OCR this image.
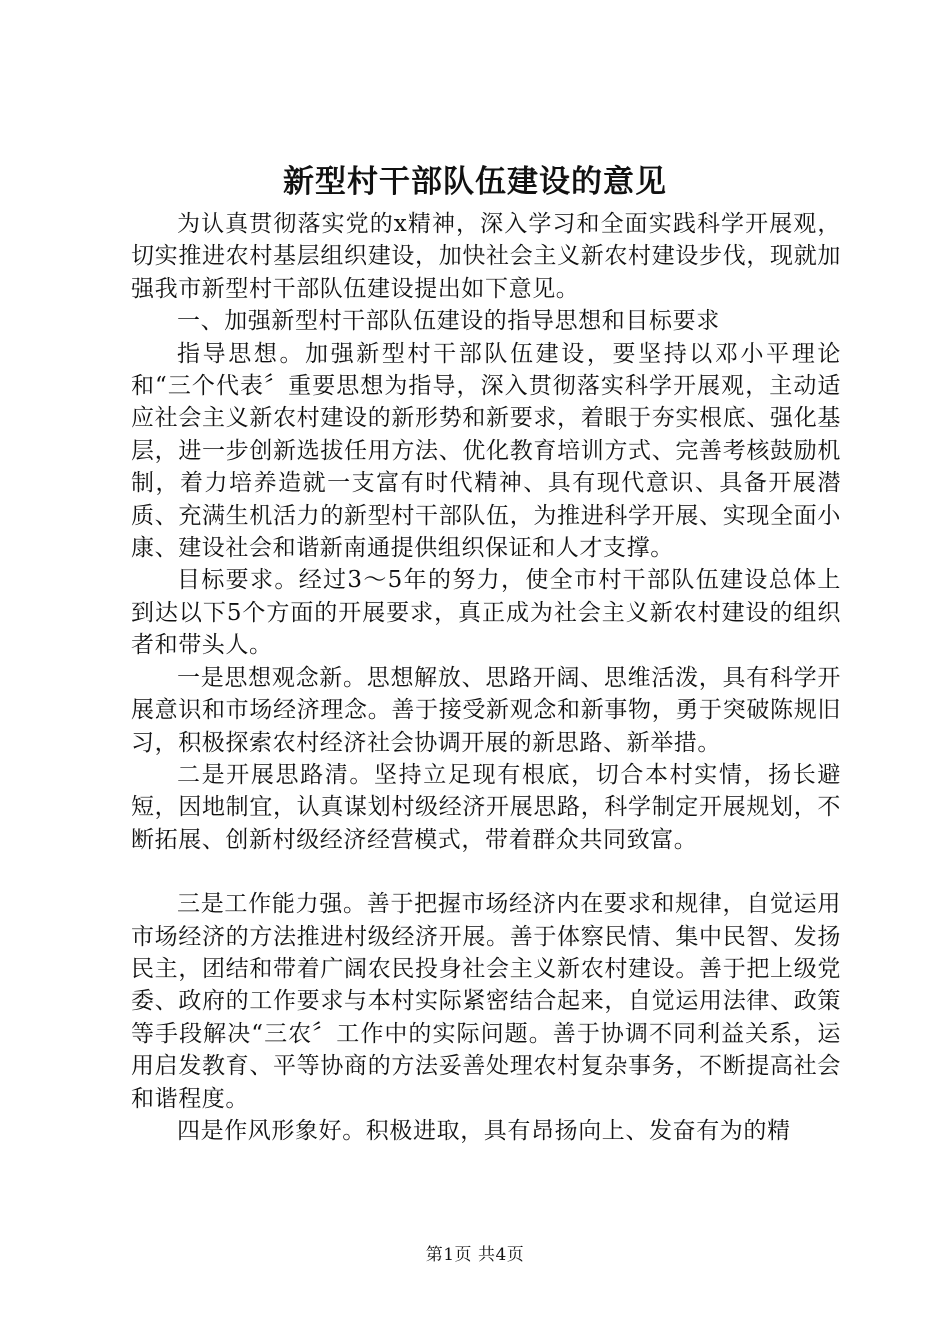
新型村干部队伍建设的意见

为认真贯彻落实党的x精神，深入学习和全面实践科学开展观，切实推进农村基层组织建设，加快社会主义新农村建设步伐，现就加强我市新型村干部队伍建设提出如下意见。

一、加强新型村干部队伍建设的指导思想和目标要求

指导思想。加强新型村干部队伍建设，要坚持以邓小平理论和“三个代表〞重要思想为指导，深入贯彻落实科学开展观，主动适应社会主义新农村建设的新形势和新要求，着眼于夯实根底、强化基层，进一步创新选拔任用方法、优化教育培训方式、完善考核鼓励机制，着力培养造就一支富有时代精神、具有现代意识、具备开展潜质、充满生机活力的新型村干部队伍，为推进科学开展、实现全面小康、建设社会和谐新南通提供组织保证和人才支撑。

目标要求。经过3～5年的努力，使全市村干部队伍建设总体上到达以下5个方面的开展要求，真正成为社会主义新农村建设的组织者和带头人。

一是思想观念新。思想解放、思路开阔、思维活泼，具有科学开展意识和市场经济理念。善于接受新观念和新事物，勇于突破陈规旧习，积极探索农村经济社会协调开展的新思路、新举措。

二是开展思路清。坚持立足现有根底，切合本村实情，扬长避短，因地制宜，认真谋划村级经济开展思路，科学制定开展规划，不断拓展、创新村级经济经营模式，带着群众共同致富。

三是工作能力强。善于把握市场经济内在要求和规律，自觉运用市场经济的方法推进村级经济开展。善于体察民情、集中民智、发扬民主，团结和带着广阔农民投身社会主义新农村建设。善于把上级党委、政府的工作要求与本村实际紧密结合起来，自觉运用法律、政策等手段解决“三农〞工作中的实际问题。善于协调不同利益关系，运用启发教育、平等协商的方法妥善处理农村复杂事务，不断提高社会和谐程度。

四是作风形象好。积极进取，具有昂扬向上、发奋有为的精

第1页 共4页
